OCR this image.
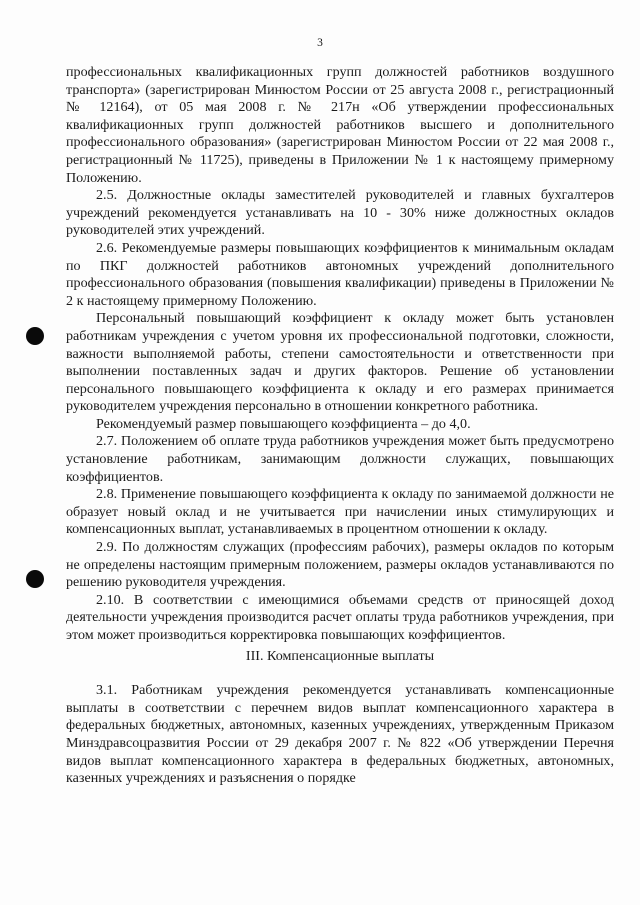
3

профессиональных квалификационных групп должностей работников воздушного транспорта» (зарегистрирован Минюстом России от 25 августа 2008 г., регистрационный № 12164), от 05 мая 2008 г. № 217н «Об утверждении профессиональных квалификационных групп должностей работников высшего и дополнительного профессионального образования» (зарегистрирован Минюстом России от 22 мая 2008 г., регистрационный № 11725), приведены в Приложении № 1 к настоящему примерному Положению.

2.5. Должностные оклады заместителей руководителей и главных бухгалтеров учреждений рекомендуется устанавливать на 10 - 30% ниже должностных окладов руководителей этих учреждений.

2.6. Рекомендуемые размеры повышающих коэффициентов к минимальным окладам по ПКГ должностей работников автономных учреждений дополнительного профессионального образования (повышения квалификации) приведены в Приложении № 2 к настоящему примерному Положению.

Персональный повышающий коэффициент к окладу может быть установлен работникам учреждения с учетом уровня их профессиональной подготовки, сложности, важности выполняемой работы, степени самостоятельности и ответственности при выполнении поставленных задач и других факторов. Решение об установлении персонального повышающего коэффициента к окладу и его размерах принимается руководителем учреждения персонально в отношении конкретного работника.

Рекомендуемый размер повышающего коэффициента – до 4,0.

2.7. Положением об оплате труда работников учреждения может быть предусмотрено установление работникам, занимающим должности служащих, повышающих коэффициентов.

2.8. Применение повышающего коэффициента к окладу по занимаемой должности не образует новый оклад и не учитывается при начислении иных стимулирующих и компенсационных выплат, устанавливаемых в процентном отношении к окладу.

2.9. По должностям служащих (профессиям рабочих), размеры окладов по которым не определены настоящим примерным положением, размеры окладов устанавливаются по решению руководителя учреждения.

2.10. В соответствии с имеющимися объемами средств от приносящей доход деятельности учреждения производится расчет оплаты труда работников учреждения, при этом может производиться корректировка повышающих коэффициентов.

III. Компенсационные выплаты

3.1. Работникам учреждения рекомендуется устанавливать компенсационные выплаты в соответствии с перечнем видов выплат компенсационного характера в федеральных бюджетных, автономных, казенных учреждениях, утвержденным Приказом Минздравсоцразвития России от 29 декабря 2007 г. № 822 «Об утверждении Перечня видов выплат компенсационного характера в федеральных бюджетных, автономных, казенных учреждениях и разъяснения о порядке
